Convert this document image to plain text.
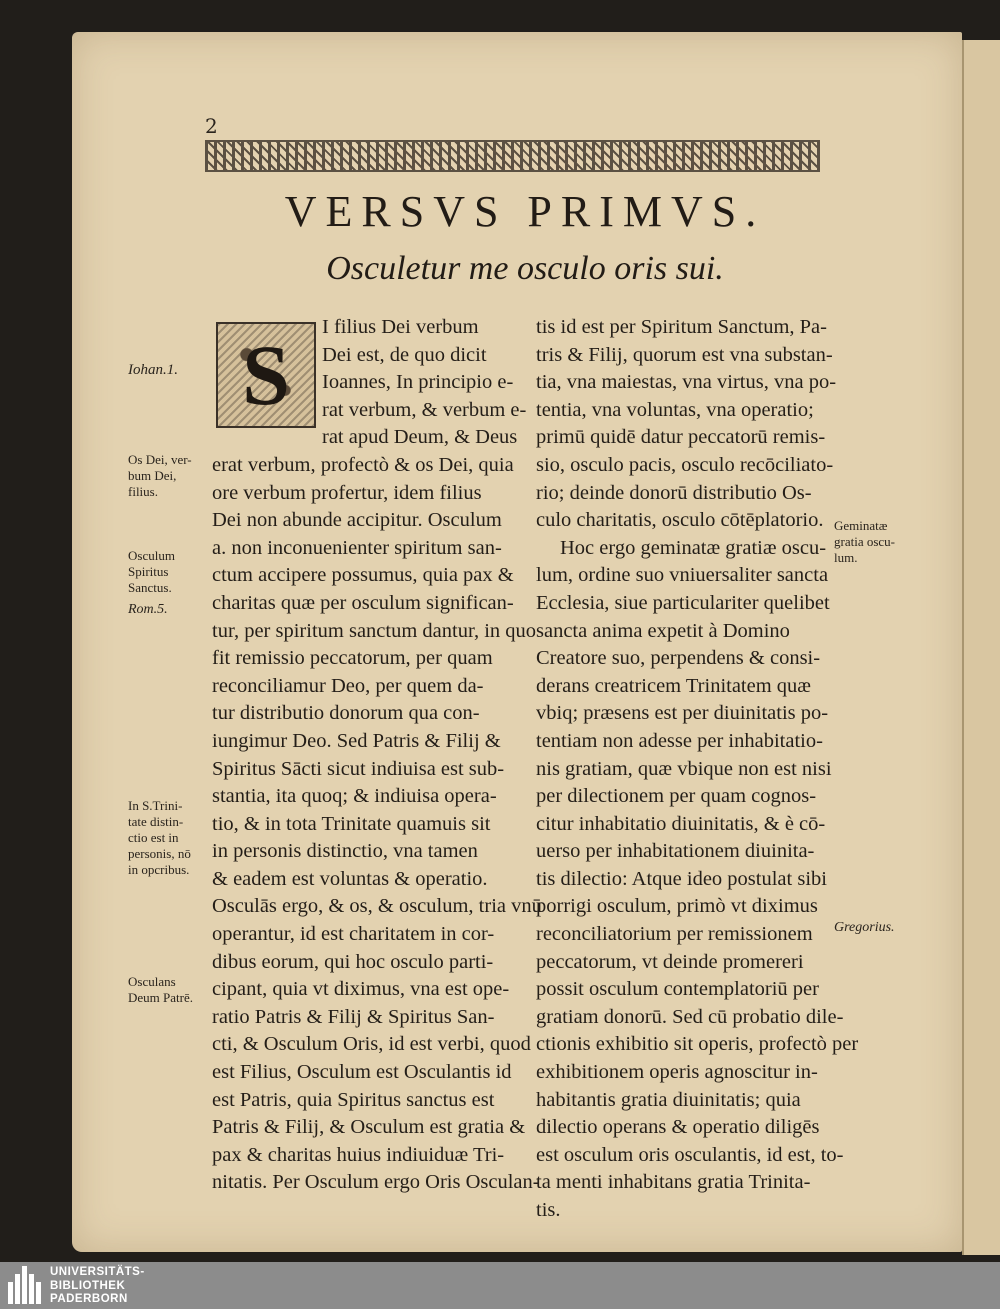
2
VERSVS PRIMVS.
Osculetur me osculo oris sui.
S	I filius Dei verbum
Dei est, de quo dicit
Ioannes, In principio e-
rat verbum, & verbum e-
rat apud Deum, & Deus
erat verbum, profectò & os Dei, quia
ore verbum profertur, idem filius
Dei non abunde accipitur. Osculum
a. non inconuenienter spiritum san-
ctum accipere possumus, quia pax &
charitas quæ per osculum significan-
tur, per spiritum sanctum dantur, in quo
fit remissio peccatorum, per quam
reconciliamur Deo, per quem da-
tur distributio donorum qua con-
iungimur Deo. Sed Patris & Filij &
Spiritus Sācti sicut indiuisa est sub-
stantia, ita quoq; & indiuisa opera-
tio, & in tota Trinitate quamuis sit
in personis distinctio, vna tamen
& eadem est voluntas & operatio.
Osculās ergo, & os, & osculum, tria vnū
operantur, id est charitatem in cor-
dibus eorum, qui hoc osculo parti-
cipant, quia vt diximus, vna est ope-
ratio Patris & Filij & Spiritus San-
cti, & Osculum Oris, id est verbi, quod
est Filius, Osculum est Osculantis id
est Patris, quia Spiritus sanctus est
Patris & Filij, & Osculum est gratia &
pax & charitas huius indiuiduæ Tri-
nitatis. Per Osculum ergo Oris Osculan-
tis id est per Spiritum Sanctum, Pa-
tris & Filij, quorum est vna substan-
tia, vna maiestas, vna virtus, vna po-
tentia, vna voluntas, vna operatio;
primū quidē datur peccatorū remis-
sio, osculo pacis, osculo recōciliato-
rio; deinde donorū distributio Os-
culo charitatis, osculo cōtēplatorio.
Hoc ergo geminatæ gratiæ oscu-
lum, ordine suo vniuersaliter sancta
Ecclesia, siue particulariter quelibet
sancta anima expetit à Domino
Creatore suo, perpendens & consi-
derans creatricem Trinitatem quæ
vbiq; præsens est per diuinitatis po-
tentiam non adesse per inhabitatio-
nis gratiam, quæ vbique non est nisi
per dilectionem per quam cognos-
citur inhabitatio diuinitatis, & è cō-
uerso per inhabitationem diuinita-
tis dilectio: Atque ideo postulat sibi
porrigi osculum, primò vt diximus
reconciliatorium per remissionem
peccatorum, vt deinde promereri
possit osculum contemplatoriū per
gratiam donorū. Sed cū probatio dile-
ctionis exhibitio sit operis, profectò per
exhibitionem operis agnoscitur in-
habitantis gratia diuinitatis; quia
dilectio operans & operatio diligēs
est osculum oris osculantis, id est, to-
ta menti inhabitans gratia Trinita-
tis.
Iohan.1.
Os Dei, ver-
bum Dei,
filius.
Osculum
Spiritus
Sanctus.
Rom.5.
In S.Trini-
tate distin-
ctio est in
personis, nō
in opcribus.
Osculans
Deum Patrē.
Geminatæ
gratia oscu-
lum.
Gregorius.
UNIVERSITÄTS-
BIBLIOTHEK
PADERBORN
